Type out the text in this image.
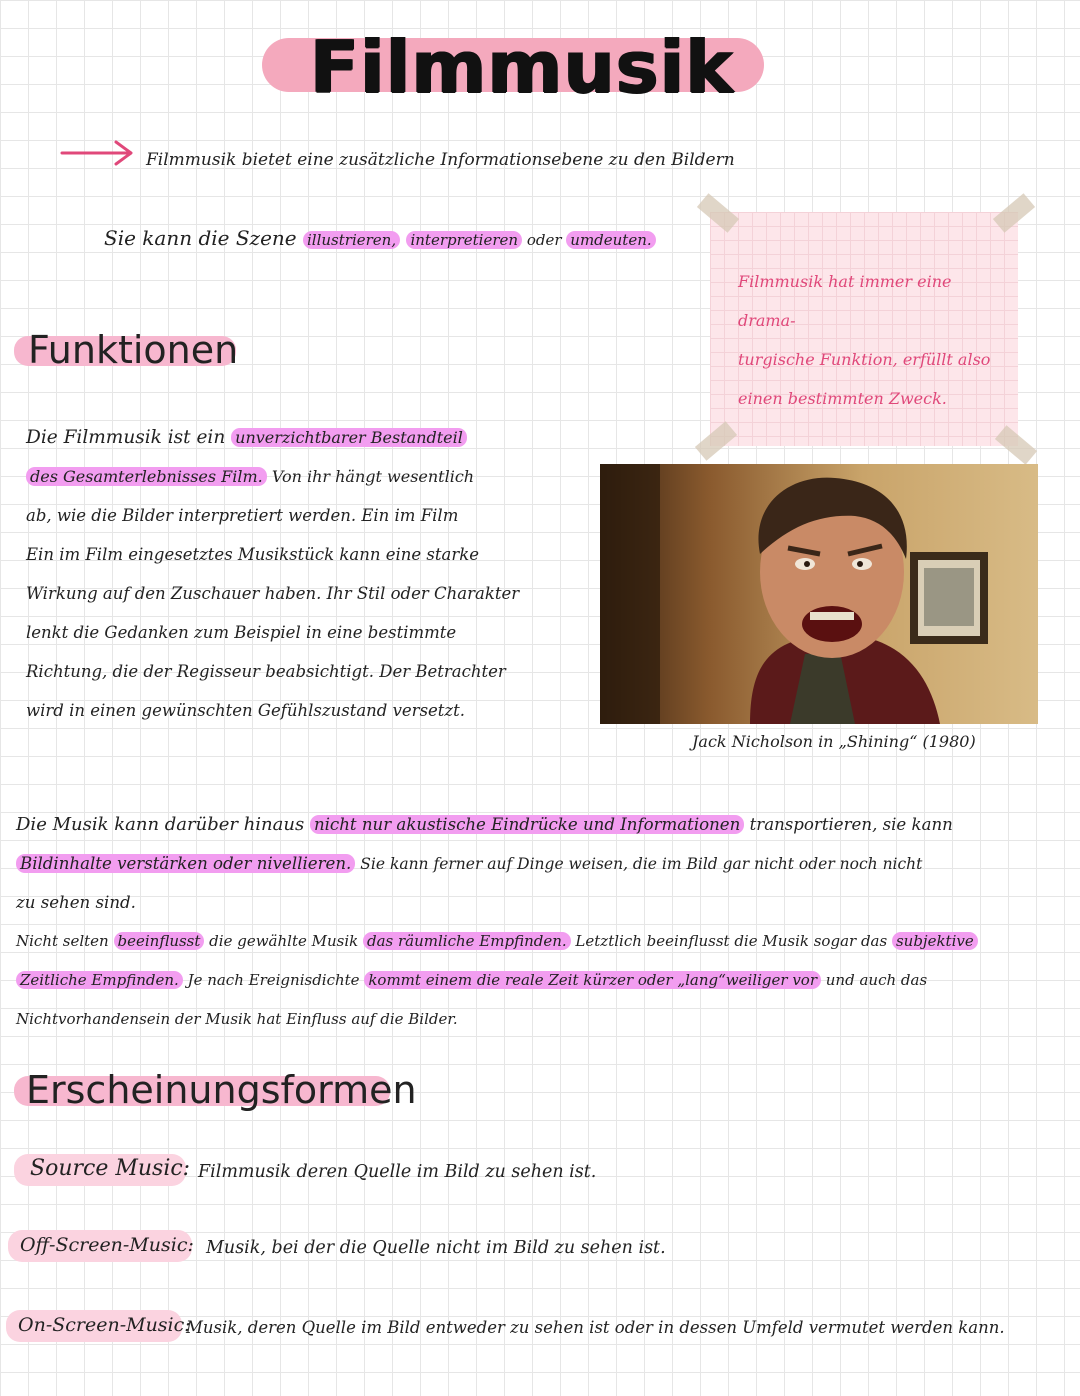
Filmmusik
Filmmusik bietet eine zusätzliche Informationsebene zu den Bildern
Sie kann die Szene illustrieren, interpretieren oder umdeuten.
Filmmusik hat immer eine drama-
turgische Funktion, erfüllt also
einen bestimmten Zweck.
Funktionen
Die Filmmusik ist ein unverzichtbarer Bestandteil
des Gesamterlebnisses Film. Von ihr hängt wesentlich
ab, wie die Bilder interpretiert werden. Ein im Film
Ein im Film eingesetztes Musikstück kann eine starke
Wirkung auf den Zuschauer haben. Ihr Stil oder Charakter
lenkt die Gedanken zum Beispiel in eine bestimmte
Richtung, die der Regisseur beabsichtigt. Der Betrachter
wird in einen gewünschten Gefühlszustand versetzt.
Jack Nicholson in „Shining“ (1980)
Die Musik kann darüber hinaus nicht nur akustische Eindrücke und Informationen transportieren, sie kann
Bildinhalte verstärken oder nivellieren. Sie kann ferner auf Dinge weisen, die im Bild gar nicht oder noch nicht
zu sehen sind.
Nicht selten beeinflusst die gewählte Musik das räumliche Empfinden. Letztlich beeinflusst die Musik sogar das subjektive
Zeitliche Empfinden. Je nach Ereignisdichte kommt einem die reale Zeit kürzer oder „lang“weiliger vor und auch das
Nichtvorhandensein der Musik hat Einfluss auf die Bilder.
Erscheinungsformen
Source Music: Filmmusik deren Quelle im Bild zu sehen ist.
Off-Screen-Music: Musik, bei der die Quelle nicht im Bild zu sehen ist.
On-Screen-Music:
Musik, deren Quelle im Bild entweder zu sehen ist oder in dessen Umfeld vermutet werden kann.
